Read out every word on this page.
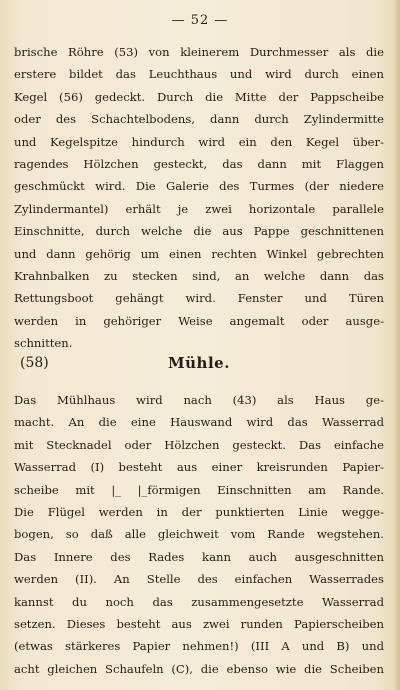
— 52 —
brische Röhre (53) von kleinerem Durchmesser als die
erstere bildet das Leuchthaus und wird durch einen
Kegel (56) gedeckt. Durch die Mitte der Pappscheibe
oder des Schachtelbodens, dann durch Zylindermitte
und Kegelspitze hindurch wird ein den Kegel über-
ragendes Hölzchen gesteckt, das dann mit Flaggen
geschmückt wird. Die Galerie des Turmes (der niedere
Zylindermantel) erhält je zwei horizontale parallele
Einschnitte, durch welche die aus Pappe geschnittenen
und dann gehörig um einen rechten Winkel gebrechten
Krahnbalken zu stecken sind, an welche dann das
Rettungsboot gehängt wird. Fenster und Türen
werden in gehöriger Weise angemalt oder ausge-
schnitten.
(58)	Mühle.
Das Mühlhaus wird nach (43) als Haus ge-
macht. An die eine Hauswand wird das Wasserrad
mit Stecknadel oder Hölzchen gesteckt. Das einfache
Wasserrad (I) besteht aus einer kreisrunden Papier-
scheibe mit |_ |_förmigen Einschnitten am Rande.
Die Flügel werden in der punktierten Linie wegge-
bogen, so daß alle gleichweit vom Rande wegstehen.
Das Innere des Rades kann auch ausgeschnitten
werden (II). An Stelle des einfachen Wasserrades
kannst du noch das zusammengesetzte Wasserrad
setzen. Dieses besteht aus zwei runden Papierscheiben
(etwas stärkeres Papier nehmen!) (III A und B) und
acht gleichen Schaufeln (C), die ebenso wie die Scheiben
